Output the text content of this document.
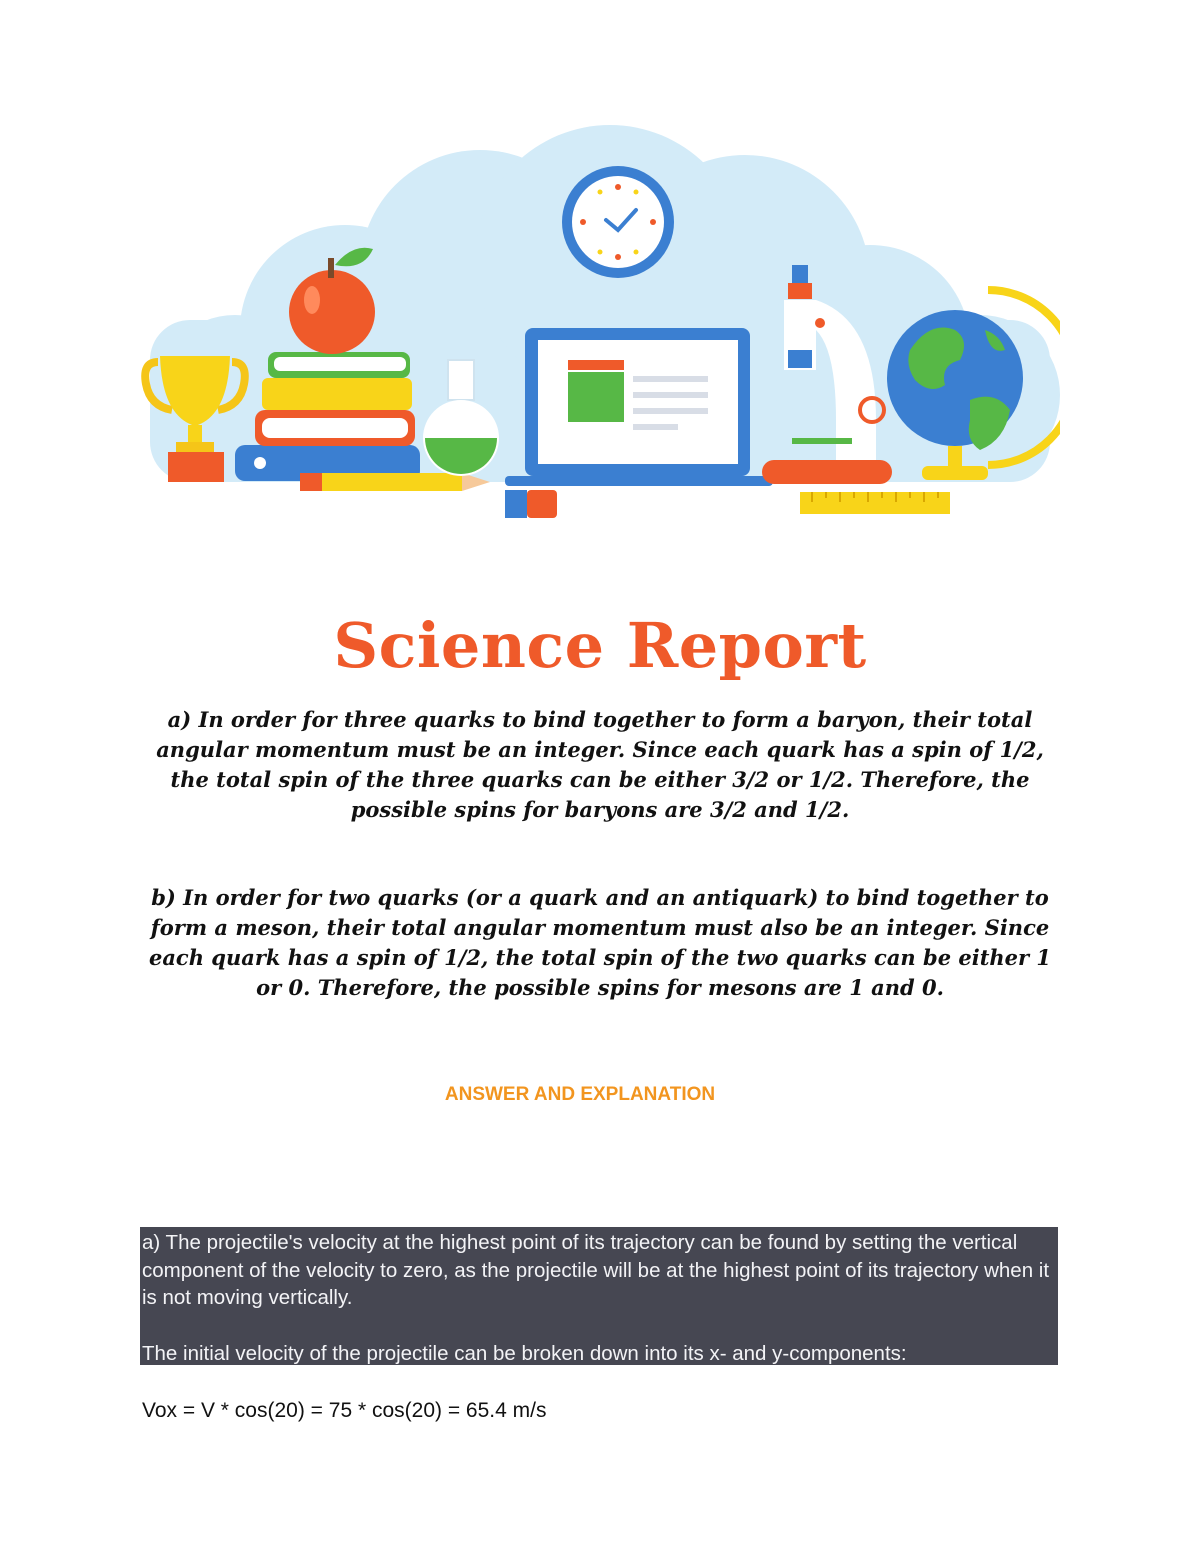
Science Report

a) In order for three quarks to bind together to form a baryon, their total angular momentum must be an integer. Since each quark has a spin of 1/2, the total spin of the three quarks can be either 3/2 or 1/2. Therefore, the possible spins for baryons are 3/2 and 1/2.

b) In order for two quarks (or a quark and an antiquark) to bind together to form a meson, their total angular momentum must also be an integer. Since each quark has a spin of 1/2, the total spin of the two quarks can be either 1 or 0. Therefore, the possible spins for mesons are 1 and 0.

ANSWER AND EXPLANATION

a) The projectile's velocity at the highest point of its trajectory can be found by setting the vertical component of the velocity to zero, as the projectile will be at the highest point of its trajectory when it is not moving vertically.

The initial velocity of the projectile can be broken down into its x- and y-components:

Vox = V * cos(20) = 75 * cos(20) = 65.4 m/s
